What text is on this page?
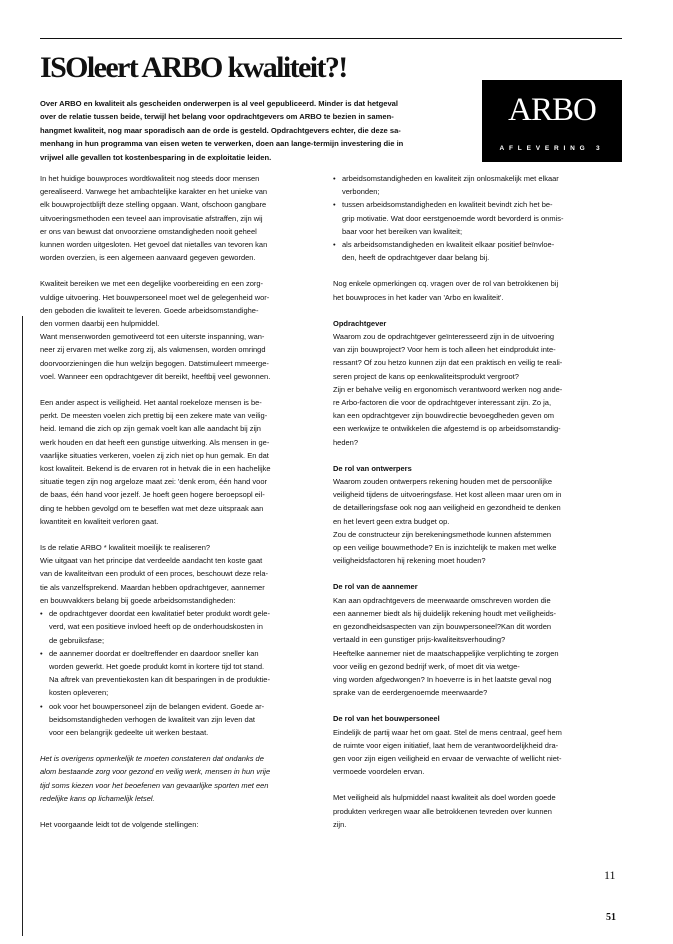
ISOleert ARBO kwaliteit?!

Over ARBO en kwaliteit als gescheiden onderwerpen is al veel gepubliceerd. Minder is dat hetgeval
over de relatie tussen beide, terwijl het belang voor opdrachtgevers om ARBO te bezien in samen-
hangmet kwaliteit, nog maar sporadisch aan de orde is gesteld. Opdrachtgevers echter, die deze sa-
menhang in hun programma van eisen weten te verwerken, doen aan lange-termijn investering die in
vrijwel alle gevallen tot kostenbesparing in de exploitatie leiden.

ARBO
AFLEVERING 3

In het huidige bouwproces wordtkwaliteit nog steeds door mensen
gerealiseerd. Vanwege het ambachtelijke karakter en het unieke van
elk bouwprojectblijft deze stelling opgaan. Want, ofschoon gangbare
uitvoeringsmethoden een teveel aan improvisatie afstraffen, zijn wij
er ons van bewust dat onvoorziene omstandigheden nooit geheel
kunnen worden uitgesloten. Het gevoel dat nietalles van tevoren kan
worden overzien, is een algemeen aanvaard gegeven geworden.

Kwaliteit bereiken we met een degelijke voorbereiding en een zorg-
vuldige uitvoering. Het bouwpersoneel moet wel de gelegenheid wor-
den geboden die kwaliteit te leveren. Goede arbeidsomstandighe-
den vormen daarbij een hulpmiddel.
Want mensenworden gemotiveerd tot een uiterste inspanning, wan-
neer zij ervaren met welke zorg zij, als vakmensen, worden omringd
doorvoorzieningen die hun welzijn begogen. Datstimuleert mmeerge-
voel. Wanneer een opdrachtgever dit bereikt, heeftbij veel gewonnen.

Een ander aspect is veiligheid. Het aantal roekeloze mensen is be-
perkt. De meesten voelen zich prettig bij een zekere mate van veilig-
heid. Iemand die zich op zijn gemak voelt kan alle aandacht bij zijn
werk houden en dat heeft een gunstige uitwerking. Als mensen in ge-
vaarlijke situaties verkeren, voelen zij zich niet op hun gemak. En dat
kost kwaliteit. Bekend is de ervaren rot in hetvak die in een hachelijke
situatie tegen zijn nog argeloze maat zei: 'denk erom, één hand voor
de baas, één hand voor jezelf. Je hoeft geen hogere beroepsopl eil-
ding te hebben gevolgd om te beseffen wat met deze uitspraak aan
kwantiteit en kwaliteit verloren gaat.

Is de relatie ARBO * kwaliteit moeilijk te realiseren?
Wie uitgaat van het principe dat verdeelde aandacht ten koste gaat
van de kwaliteitvan een produkt of een proces, beschouwt deze rela-
tie als vanzelfsprekend. Maardan hebben opdrachtgever, aannemer
en bouwvakkers belang bij goede arbeidsomstandigheden:

• de opdrachtgever doordat een kwalitatief beter produkt wordt gele-
verd, wat een positieve invloed heeft op de onderhoudskosten in
de gebruiksfase;
• de aannemer doordat er doeltreffender en daardoor sneller kan
worden gewerkt. Het goede produkt komt in kortere tijd tot stand.
Na aftrek van preventiekosten kan dit besparingen in de produktie-
kosten opleveren;
• ook voor het bouwpersoneel zijn de belangen evident. Goede ar-
beidsomstandigheden verhogen de kwaliteit van zijn leven dat
voor een belangrijk gedeelte uit werken bestaat.

Het is overigens opmerkelijk te moeten constateren dat ondanks de
alom bestaande zorg voor gezond en veilig werk, mensen in hun vrije
tijd soms kiezen voor het beoefenen van gevaarlijke sporten met een
redelijke kans op lichamelijk letsel.

Het voorgaande leidt tot de volgende stellingen:

• arbeidsomstandigheden en kwaliteit zijn onlosmakelijk met elkaar
verbonden;
• tussen arbeidsomstandigheden en kwaliteit bevindt zich het be-
grip motivatie. Wat door eerstgenoemde wordt bevorderd is onmis-
baar voor het bereiken van kwaliteit;
• als arbeidsomstandigheden en kwaliteit elkaar positief beïnvloe-
den, heeft de opdrachtgever daar belang bij.

Nog enkele opmerkingen cq. vragen over de rol van betrokkenen bij
het bouwproces in het kader van 'Arbo en kwaliteit'.

Opdrachtgever

Waarom zou de opdrachtgever geïnteresseerd zijn in de uitvoering
van zijn bouwproject? Voor hem is toch alleen het eindprodukt inte-
ressant? Of zou hetzo kunnen zijn dat een praktisch en veilig te reali-
seren project de kans op eenkwaliteitsprodukt vergroot?
Zijn er behalve veilig en ergonomisch verantwoord werken nog ande-
re Arbo-factoren die voor de opdrachtgever interessant zijn. Zo ja,
kan een opdrachtgever zijn bouwdirectie bevoegdheden geven om
een werkwijze te ontwikkelen die afgestemd is op arbeidsomstandig-
heden?

De rol van ontwerpers

Waarom zouden ontwerpers rekening houden met de persoonlijke
veiligheid tijdens de uitvoeringsfase. Het kost alleen maar uren om in
de detailleringsfase ook nog aan veiligheid en gezondheid te denken
en het levert geen extra budget op.
Zou de constructeur zijn berekeningsmethode kunnen afstemmen
op een veilige bouwmethode? En is inzichtelijk te maken met welke
veiligheidsfactoren hij rekening moet houden?

De rol van de aannemer

Kan aan opdrachtgevers de meerwaarde omschreven worden die
een aannemer biedt als hij duidelijk rekening houdt met veiligheids-
en gezondheidsaspecten van zijn bouwpersoneel?Kan dit worden
vertaald in een gunstiger prijs-kwaliteitsverhouding?
Heeftelke aannemer niet de maatschappelijke verplichting te zorgen
voor veilig en gezond bedrijf werk, of moet dit via wetge-
ving worden afgedwongen? In hoeverre is in het laatste geval nog
sprake van de eerdergenoemde meerwaarde?

De rol van het bouwpersoneel

Eindelijk de partij waar het om gaat. Stel de mens centraal, geef hem
de ruimte voor eigen initiatief, laat hem de verantwoordelijkheid dra-
gen voor zijn eigen veiligheid en ervaar de verwachte of wellicht niet-
vermoede voordelen ervan.

Met veiligheid als hulpmiddel naast kwaliteit als doel worden goede
produkten verkregen waar alle betrokkenen tevreden over kunnen
zijn.

11
51
